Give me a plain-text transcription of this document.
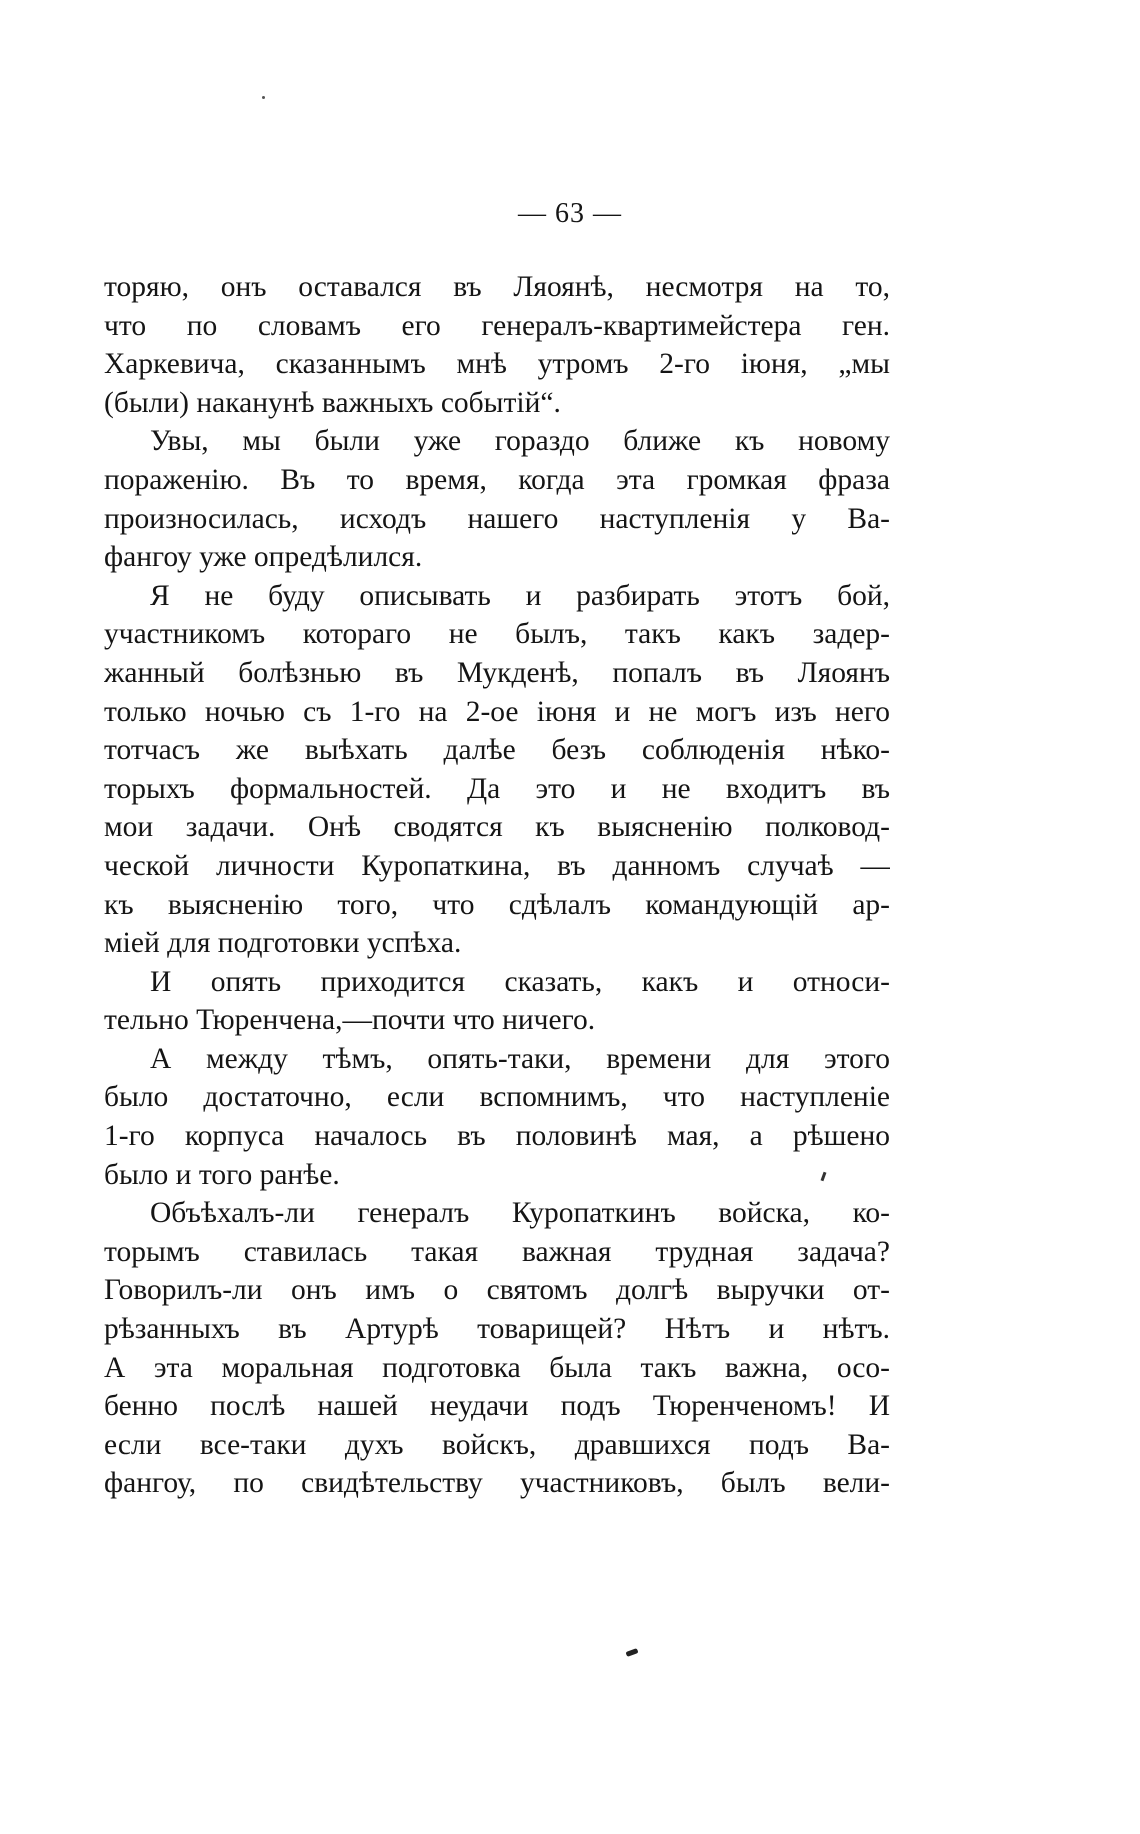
— 63 —
торяю, онъ оставался въ Ляоянѣ, несмотря на то,
что по словамъ его генералъ-квартимейстера ген.
Харкевича, сказаннымъ мнѣ утромъ 2-го іюня, „мы
(были) наканунѣ важныхъ событій“.
Увы, мы были уже гораздо ближе къ новому
пораженію. Въ то время, когда эта громкая фраза
произносилась, исходъ нашего наступленія у Ва-
фангоу уже опредѣлился.
Я не буду описывать и разбирать этотъ бой,
участникомъ котораго не былъ, такъ какъ задер-
жанный болѣзнью въ Мукденѣ, попалъ въ Ляоянъ
только ночью съ 1-го на 2-ое іюня и не могъ изъ него
тотчасъ же выѣхать далѣе безъ соблюденія нѣко-
торыхъ формальностей. Да это и не входитъ въ
мои задачи. Онѣ сводятся къ выясненію полковод-
ческой личности Куропаткина, въ данномъ случаѣ —
къ выясненію того, что сдѣлалъ командующій ар-
міей для подготовки успѣха.
И опять приходится сказать, какъ и относи-
тельно Тюренчена,—почти что ничего.
А между тѣмъ, опять-таки, времени для этого
было достаточно, если вспомнимъ, что наступленіе
1-го корпуса началось въ половинѣ мая, а рѣшено
было и того ранѣе.
Объѣхалъ-ли генералъ Куропаткинъ войска, ко-
торымъ ставилась такая важная трудная задача?
Говорилъ-ли онъ имъ о святомъ долгѣ выручки от-
рѣзанныхъ въ Артурѣ товарищей? Нѣтъ и нѣтъ.
А эта моральная подготовка была такъ важна, осо-
бенно послѣ нашей неудачи подъ Тюренченомъ! И
если все-таки духъ войскъ, дравшихся подъ Ва-
фангоу, по свидѣтельству участниковъ, былъ вели-
